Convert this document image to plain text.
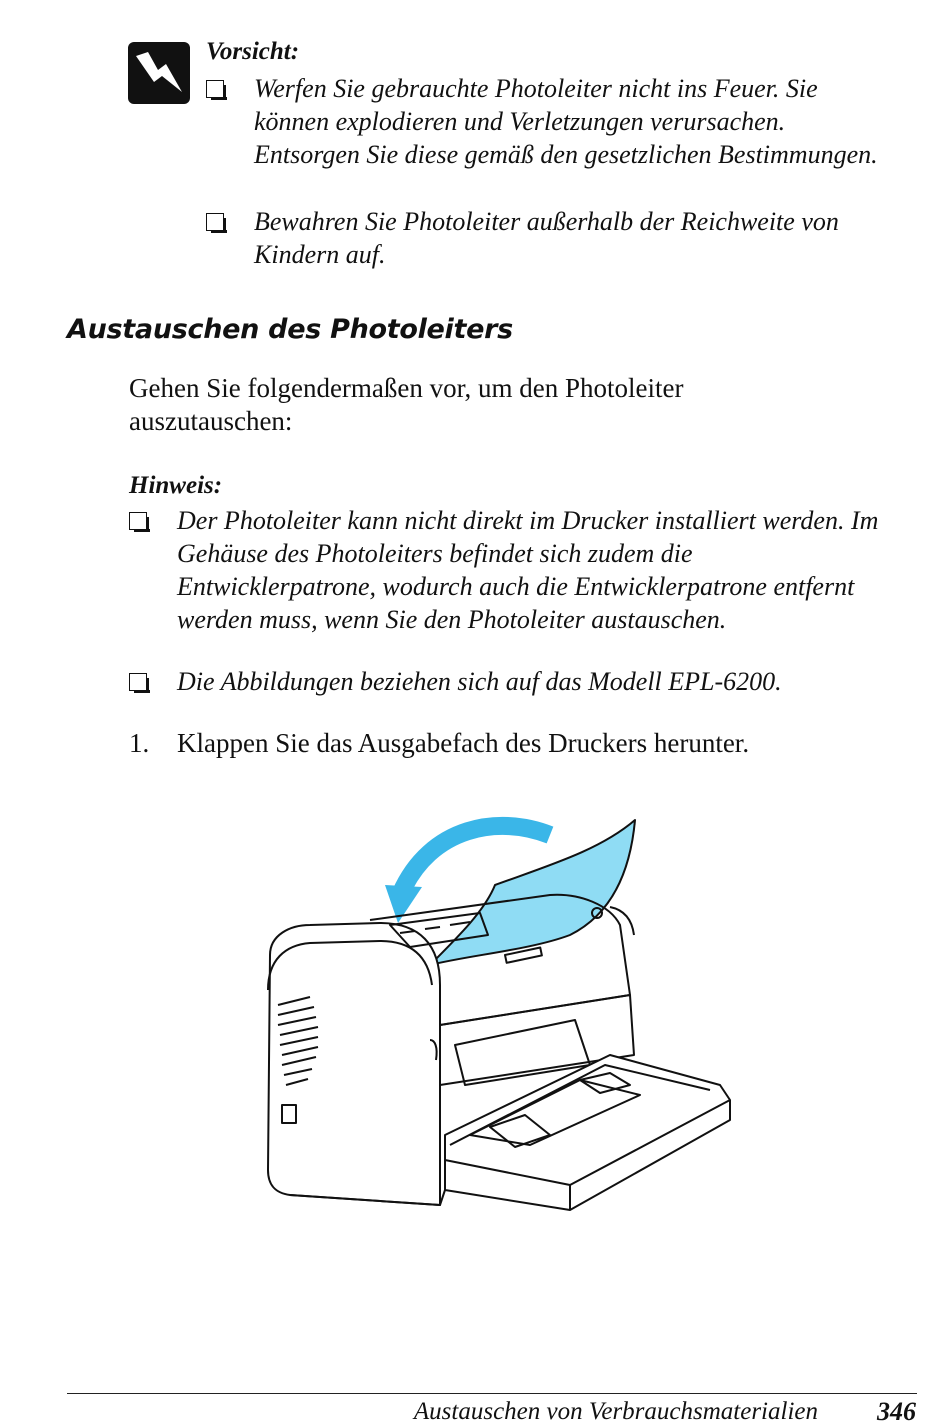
Vorsicht:
Werfen Sie gebrauchte Photoleiter nicht ins Feuer. Sie
können explodieren und Verletzungen verursachen.
Entsorgen Sie diese gemäß den gesetzlichen Bestimmungen.
Bewahren Sie Photoleiter außerhalb der Reichweite von
Kindern auf.
Austauschen des Photoleiters
Gehen Sie folgendermaßen vor, um den Photoleiter
auszutauschen:
Hinweis:
Der Photoleiter kann nicht direkt im Drucker installiert werden. Im
Gehäuse des Photoleiters befindet sich zudem die
Entwicklerpatrone, wodurch auch die Entwicklerpatrone entfernt
werden muss, wenn Sie den Photoleiter austauschen.
Die Abbildungen beziehen sich auf das Modell EPL-6200.
1.	Klappen Sie das Ausgabefach des Druckers herunter.
Austauschen von Verbrauchsmaterialien 346
